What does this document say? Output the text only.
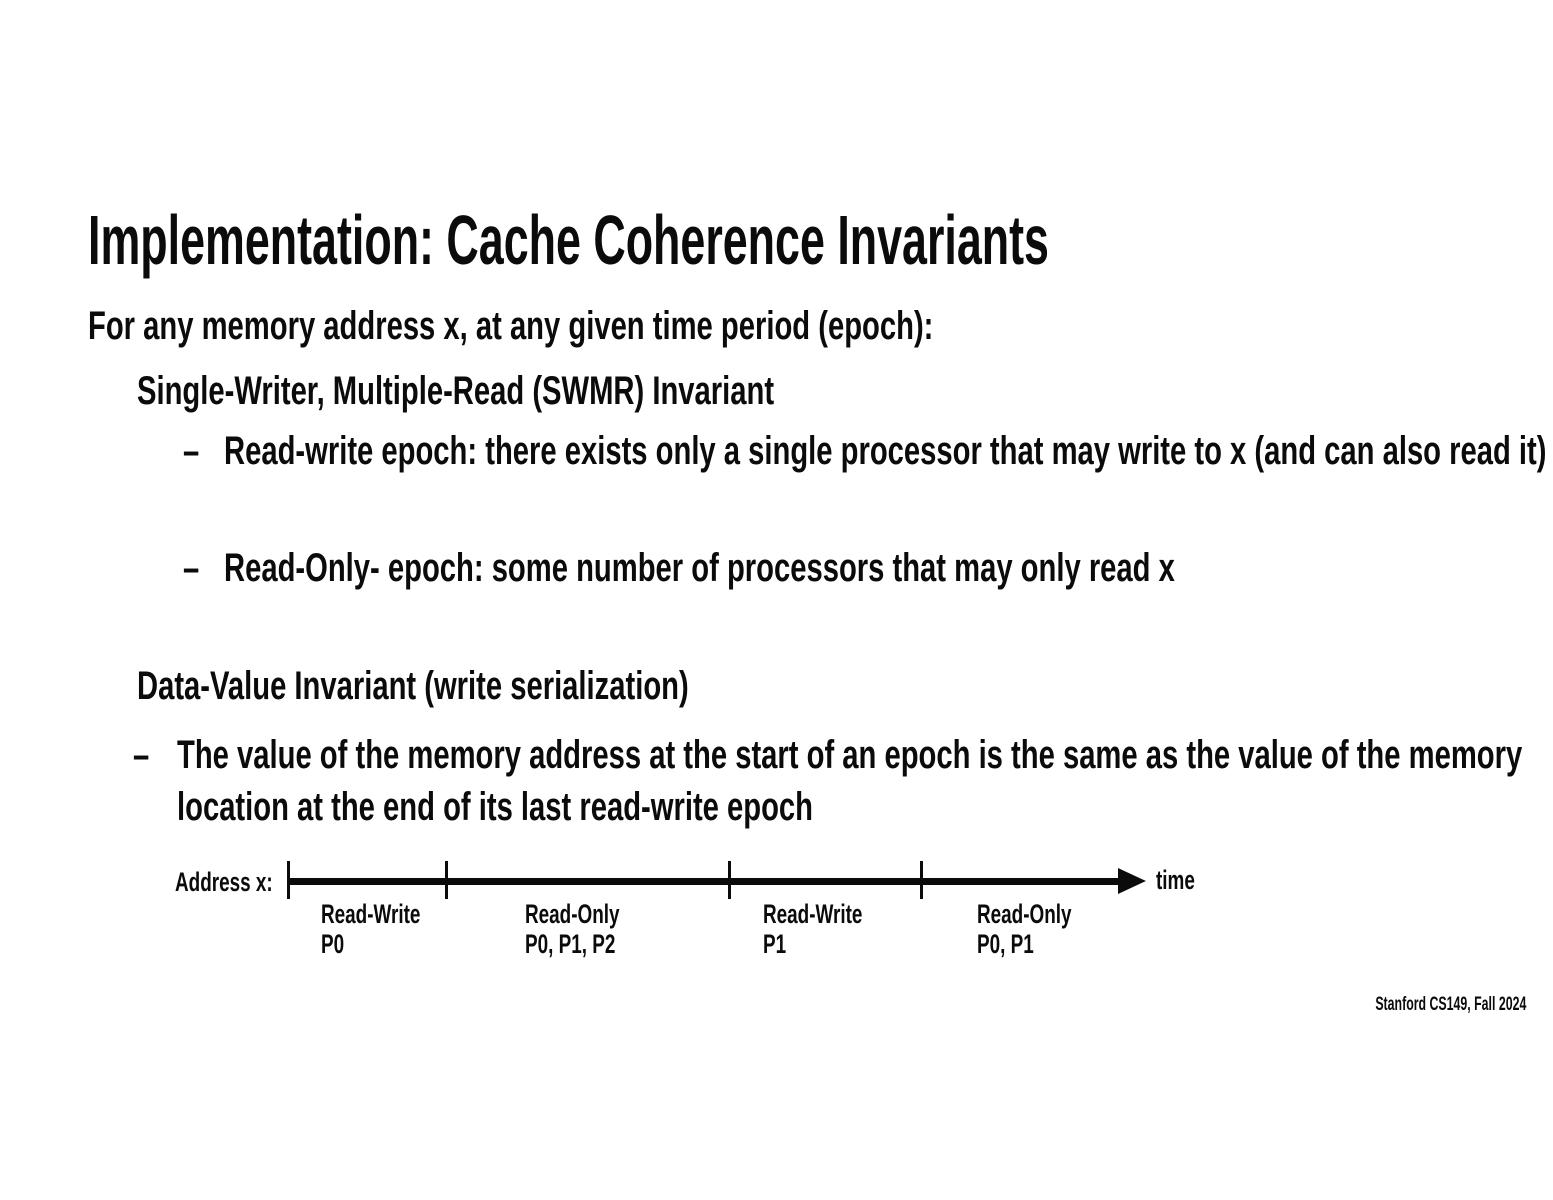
Implementation: Cache Coherence Invariants
For any memory address x, at any given time period (epoch):
Single-Writer, Multiple-Read (SWMR) Invariant
– Read-write epoch: there exists only a single processor that may write to x (and can also read it)
– Read-Only- epoch: some number of processors that may only read x
Data-Value Invariant (write serialization)
– The value of the memory address at the start of an epoch is the same as the value of the memory location at the end of its last read-write epoch
Address x:	time
Read-Write
P0
Read-Only
P0, P1, P2
Read-Write
P1
Read-Only
P0, P1
Stanford CS149, Fall 2024
